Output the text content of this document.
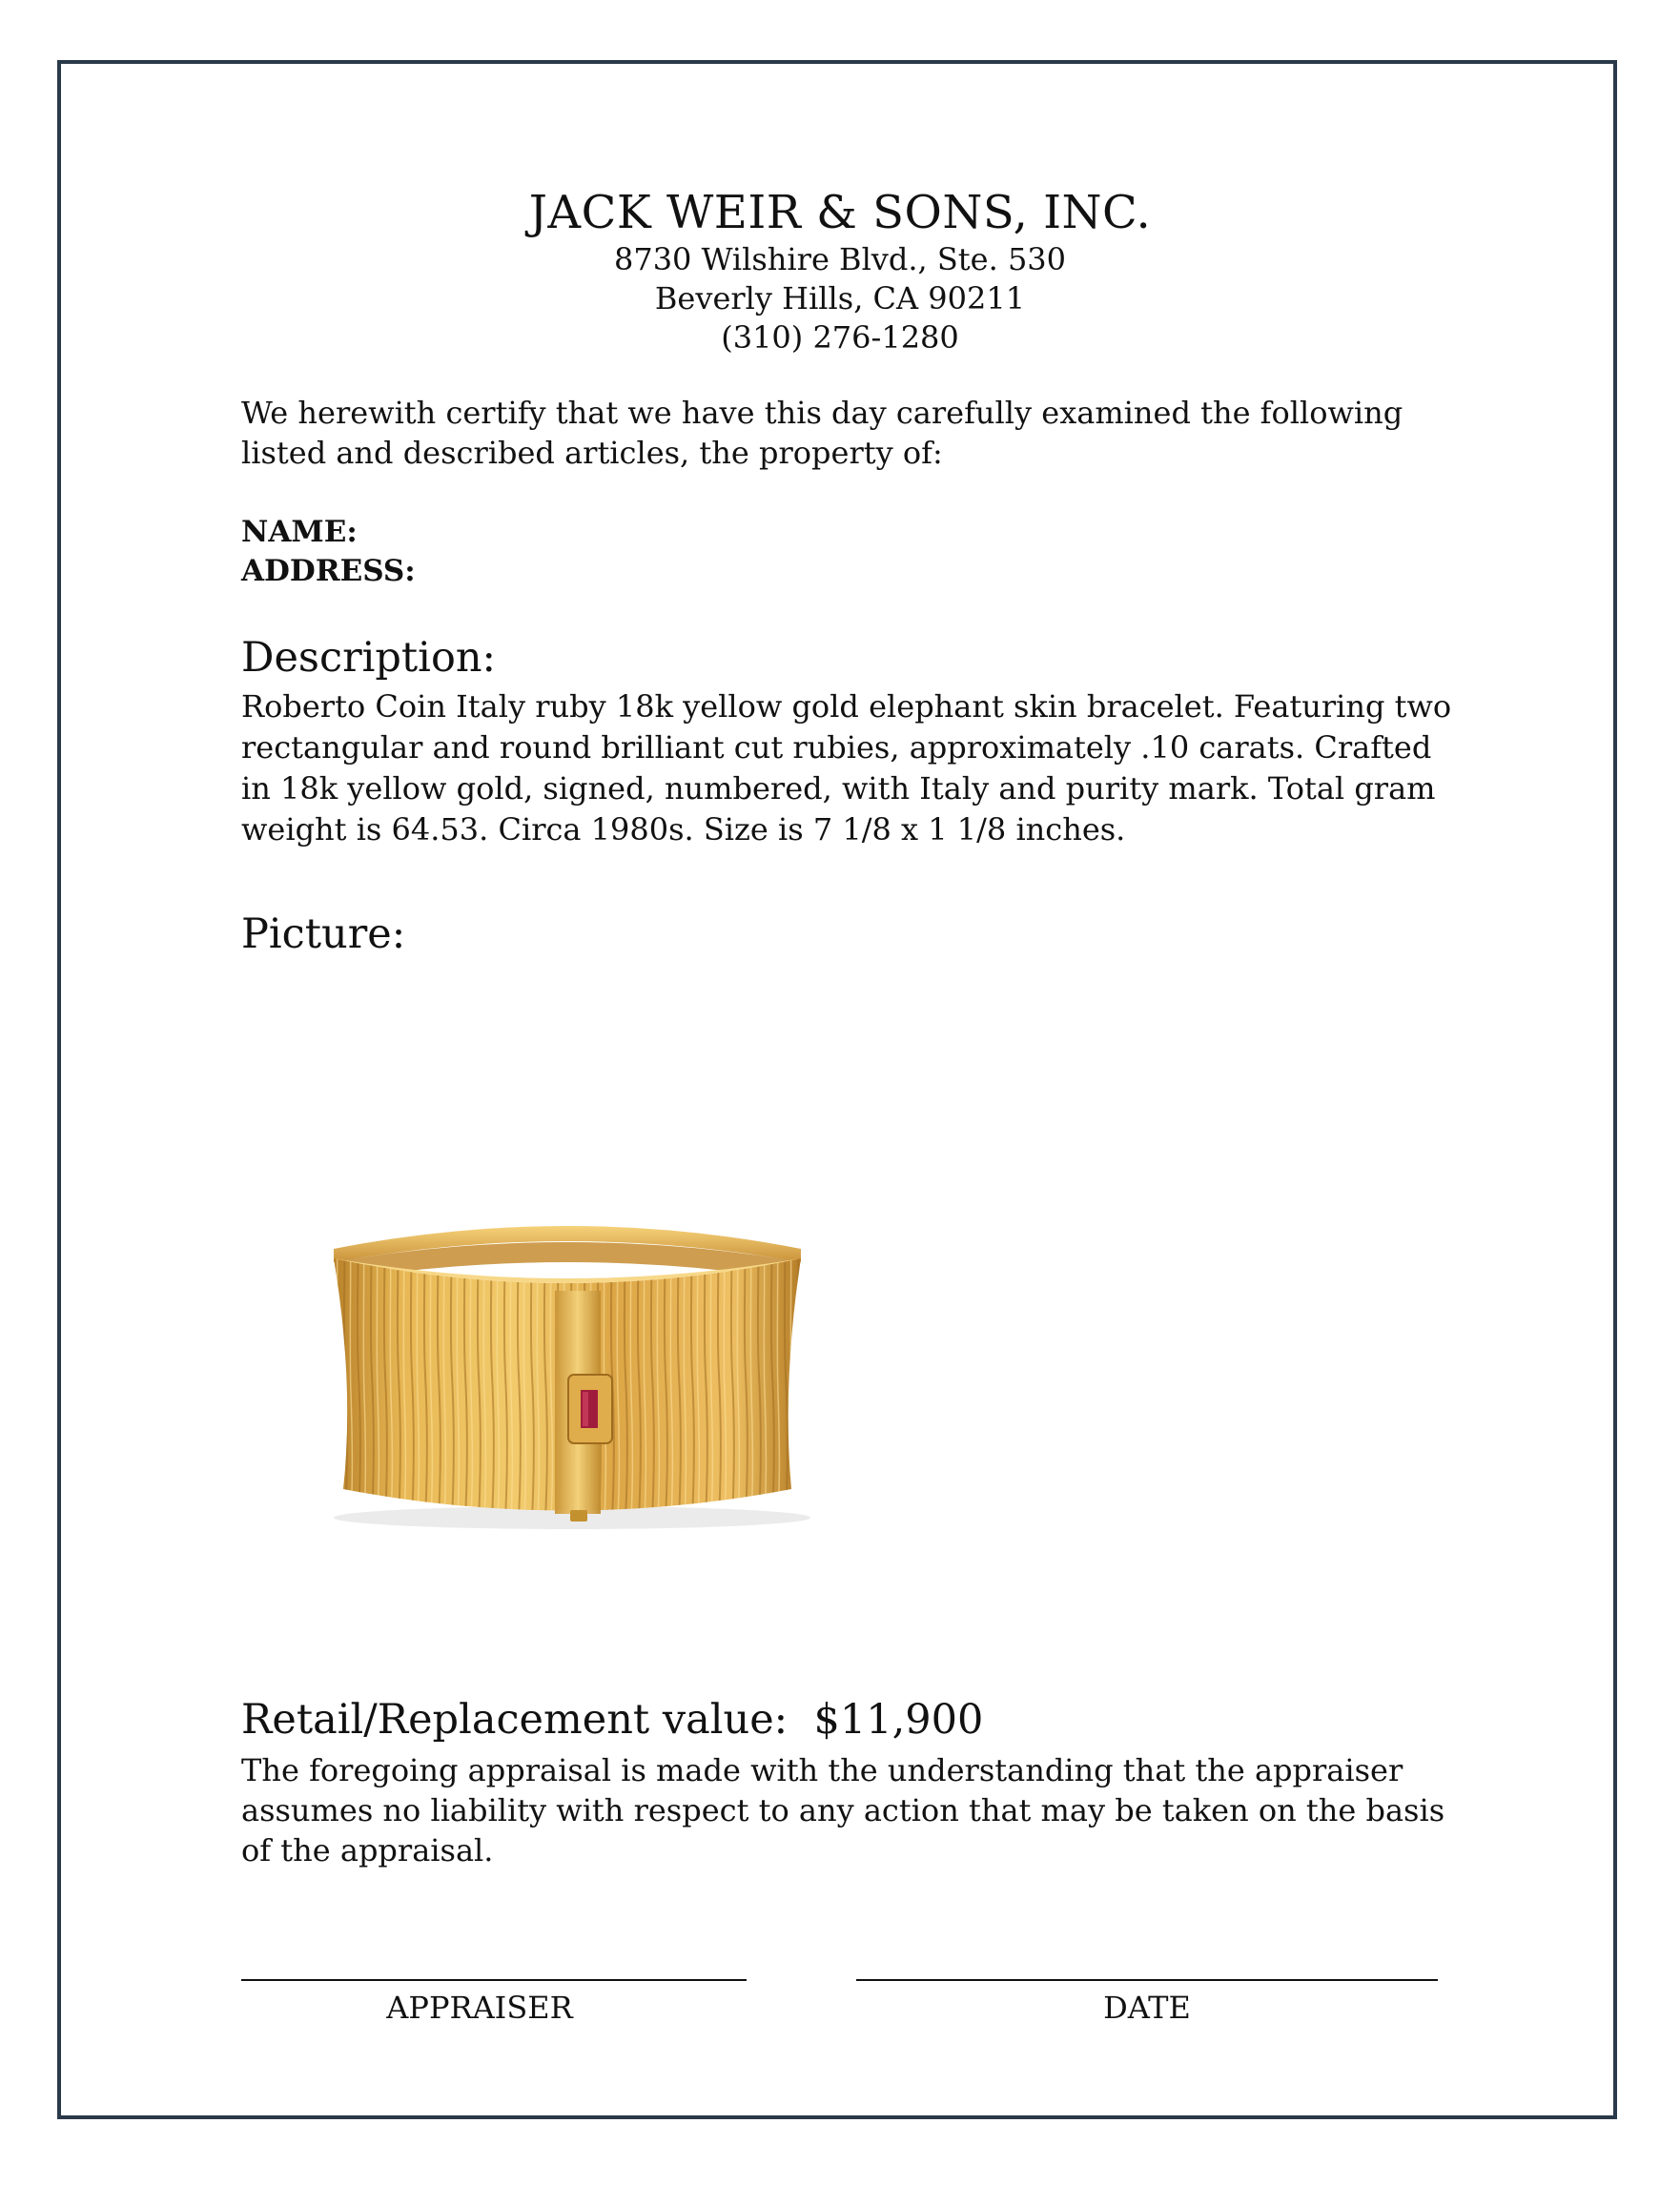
JACK WEIR & SONS, INC.
8730 Wilshire Blvd., Ste. 530
Beverly Hills, CA 90211
(310) 276-1280
We herewith certify that we have this day carefully examined the following listed and described articles, the property of:
NAME:
ADDRESS:
Description:
Roberto Coin Italy ruby 18k yellow gold elephant skin bracelet. Featuring two rectangular and round brilliant cut rubies, approximately .10 carats. Crafted in 18k yellow gold, signed, numbered, with Italy and purity mark. Total gram weight is 64.53. Circa 1980s. Size is 7 1/8 x 1 1/8 inches.
Picture:
Retail/Replacement value: $11,900
The foregoing appraisal is made with the understanding that the appraiser assumes no liability with respect to any action that may be taken on the basis of the appraisal.
APPRAISER	DATE
